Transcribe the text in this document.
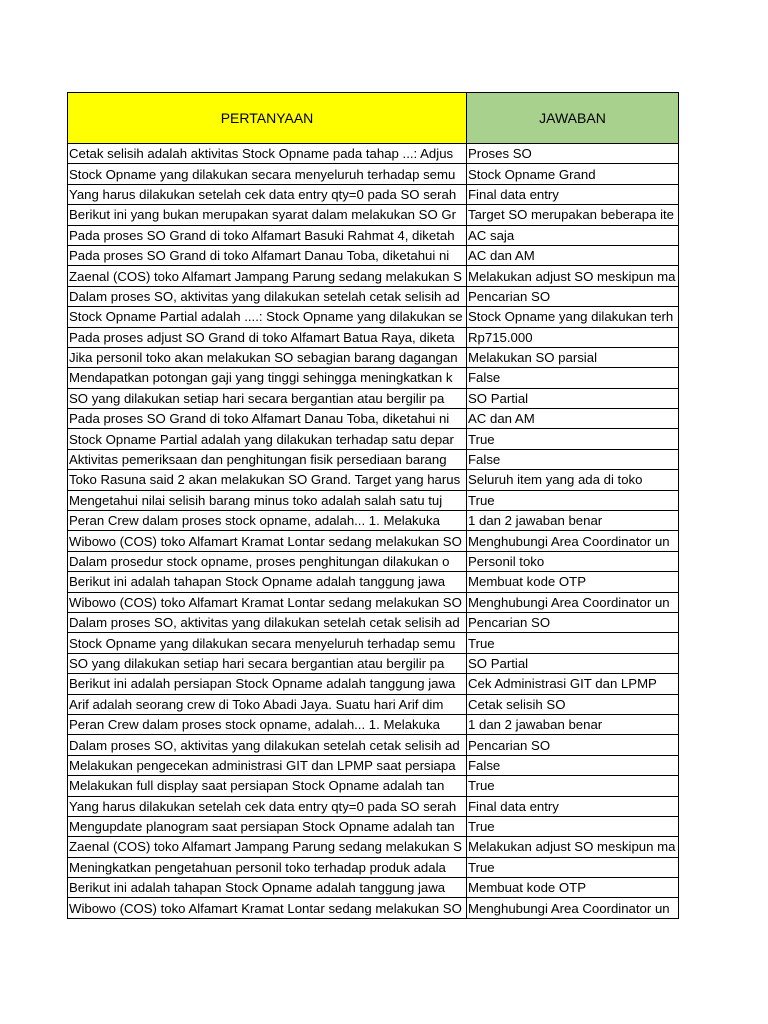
PERTANYAAN	JAWABAN
Cetak selisih adalah aktivitas Stock Opname pada tahap ...: Adjus	Proses SO
Stock Opname yang dilakukan secara menyeluruh terhadap semu	Stock Opname Grand
Yang harus dilakukan setelah cek data entry qty=0 pada SO serah	Final data entry
Berikut ini yang bukan merupakan syarat dalam melakukan SO Gr	Target SO merupakan beberapa ite
Pada proses SO Grand di toko Alfamart Basuki Rahmat 4, diketah	AC saja
Pada proses SO Grand di toko Alfamart Danau Toba, diketahui ni	AC dan AM
Zaenal (COS) toko Alfamart Jampang Parung sedang melakukan S	Melakukan adjust SO meskipun ma
Dalam proses SO, aktivitas yang dilakukan setelah cetak selisih ad	Pencarian SO
Stock Opname Partial adalah ....: Stock Opname yang dilakukan se	Stock Opname yang dilakukan terh
Pada proses adjust SO Grand di toko Alfamart Batua Raya, diketa	Rp715.000
Jika personil toko akan melakukan SO sebagian barang dagangan	Melakukan SO parsial
Mendapatkan potongan gaji yang tinggi sehingga meningkatkan k	False
SO yang dilakukan setiap hari secara bergantian atau bergilir pa	SO Partial
Pada proses SO Grand di toko Alfamart Danau Toba, diketahui ni	AC dan AM
Stock Opname Partial adalah yang dilakukan terhadap satu depar	True
Aktivitas pemeriksaan dan penghitungan fisik persediaan barang	False
Toko Rasuna said 2 akan melakukan SO Grand. Target yang harus	Seluruh item yang ada di toko
Mengetahui nilai selisih barang minus toko adalah salah satu tuj	True
Peran Crew dalam proses stock opname, adalah... 1. Melakuka	1 dan 2 jawaban benar
Wibowo (COS) toko Alfamart Kramat Lontar sedang melakukan SO	Menghubungi Area Coordinator un
Dalam prosedur stock opname, proses penghitungan dilakukan o	Personil toko
Berikut ini adalah tahapan Stock Opname adalah tanggung jawa	Membuat kode OTP
Wibowo (COS) toko Alfamart Kramat Lontar sedang melakukan SO	Menghubungi Area Coordinator un
Dalam proses SO, aktivitas yang dilakukan setelah cetak selisih ad	Pencarian SO
Stock Opname yang dilakukan secara menyeluruh terhadap semu	True
SO yang dilakukan setiap hari secara bergantian atau bergilir pa	SO Partial
Berikut ini adalah persiapan Stock Opname adalah tanggung jawa	Cek Administrasi GIT dan LPMP
Arif adalah seorang crew di Toko Abadi Jaya. Suatu hari Arif dim	Cetak selisih SO
Peran Crew dalam proses stock opname, adalah... 1. Melakuka	1 dan 2 jawaban benar
Dalam proses SO, aktivitas yang dilakukan setelah cetak selisih ad	Pencarian SO
Melakukan pengecekan administrasi GIT dan LPMP saat persiapa	False
Melakukan full display saat persiapan Stock Opname adalah tan	True
Yang harus dilakukan setelah cek data entry qty=0 pada SO serah	Final data entry
Mengupdate planogram saat persiapan Stock Opname adalah tan	True
Zaenal (COS) toko Alfamart Jampang Parung sedang melakukan S	Melakukan adjust SO meskipun ma
Meningkatkan pengetahuan personil toko terhadap produk adala	True
Berikut ini adalah tahapan Stock Opname adalah tanggung jawa	Membuat kode OTP
Wibowo (COS) toko Alfamart Kramat Lontar sedang melakukan SO	Menghubungi Area Coordinator un
